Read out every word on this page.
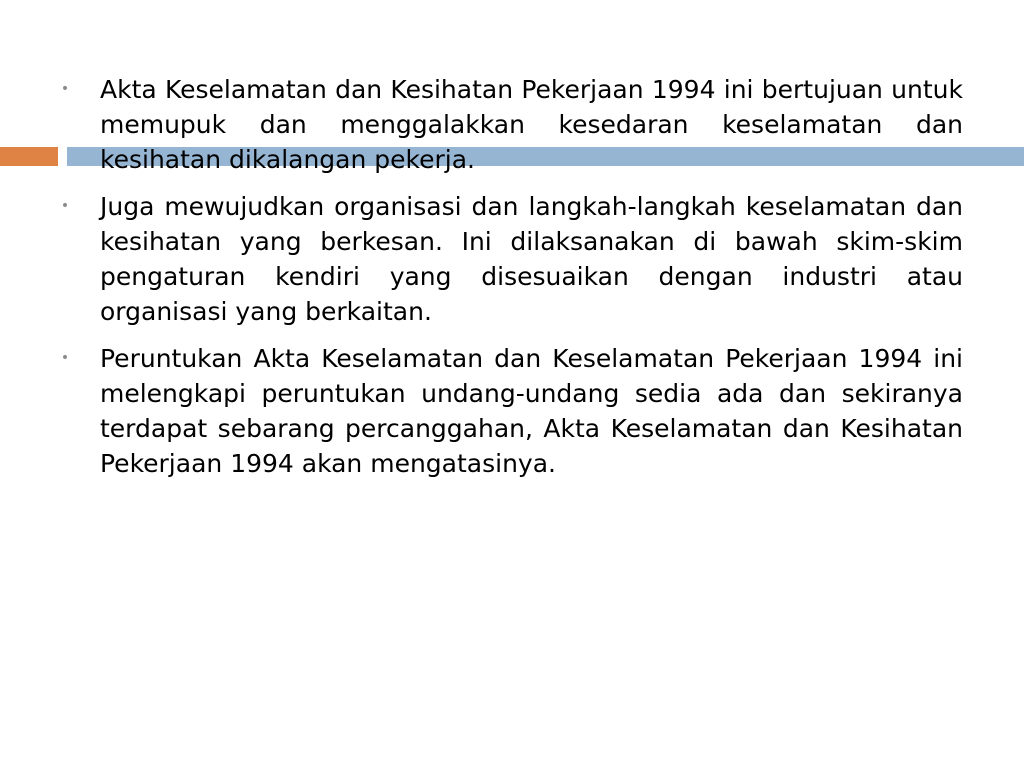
• Akta Keselamatan dan Kesihatan Pekerjaan 1994 ini bertujuan untuk memupuk dan menggalakkan kesedaran keselamatan dan kesihatan dikalangan pekerja.
• Juga mewujudkan organisasi dan langkah-langkah keselamatan dan kesihatan yang berkesan. Ini dilaksanakan di bawah skim-skim pengaturan kendiri yang disesuaikan dengan industri atau organisasi yang berkaitan.
• Peruntukan Akta Keselamatan dan Keselamatan Pekerjaan 1994 ini melengkapi peruntukan undang-undang sedia ada dan sekiranya terdapat sebarang percanggahan, Akta Keselamatan dan Kesihatan Pekerjaan 1994 akan mengatasinya.
